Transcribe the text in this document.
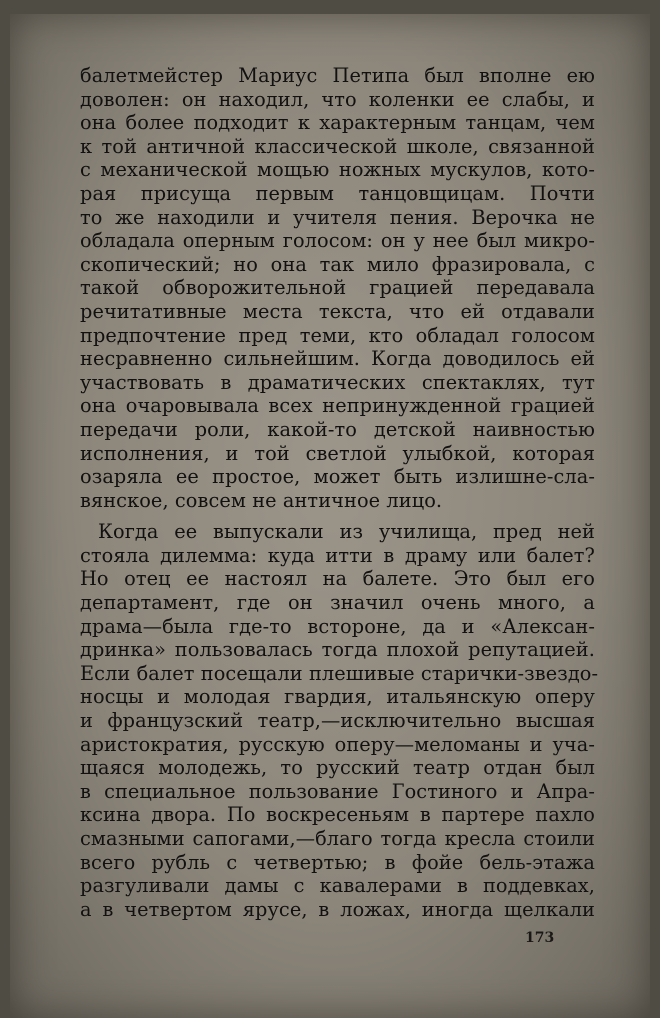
балетмейстер Мариус Петипа был вполне ею
доволен: он находил, что коленки ее слабы, и
она более подходит к характерным танцам, чем
к той античной классической школе, связанной
с механической мощью ножных мускулов, кото-
рая присуща первым танцовщицам. Почти
то же находили и учителя пения. Верочка не
обладала оперным голосом: он у нее был микро-
скопический; но она так мило фразировала, с
такой обворожительной грацией передавала
речитативные места текста, что ей отдавали
предпочтение пред теми, кто обладал голосом
несравненно сильнейшим. Когда доводилось ей
участвовать в драматических спектаклях, тут
она очаровывала всех непринужденной грацией
передачи роли, какой-то детской наивностью
исполнения, и той светлой улыбкой, которая
озаряла ее простое, может быть излишне-сла-
вянское, совсем не античное лицо.
Когда ее выпускали из училища, пред ней
стояла дилемма: куда итти в драму или балет?
Но отец ее настоял на балете. Это был его
департамент, где он значил очень много, а
драма—была где-то всторoне, да и «Алексан-
дринка» пользовалась тогда плохой репутацией.
Если балет посещали плешивые старички-звездо-
носцы и молодая гвардия, итальянскую оперу
и французский театр,—исключительно высшая
аристократия, русскую оперу—меломаны и уча-
щаяся молодежь, то русский театр отдан был
в специальное пользование Гостиного и Апра-
ксина двора. По воскресеньям в партере пахло
смазными сапогами,—благо тогда кресла стоили
всего рубль с четвертью; в фойе бель-этажа
разгуливали дамы с кавалерами в поддевках,
а в четвертом ярусе, в ложах, иногда щелкали
173
